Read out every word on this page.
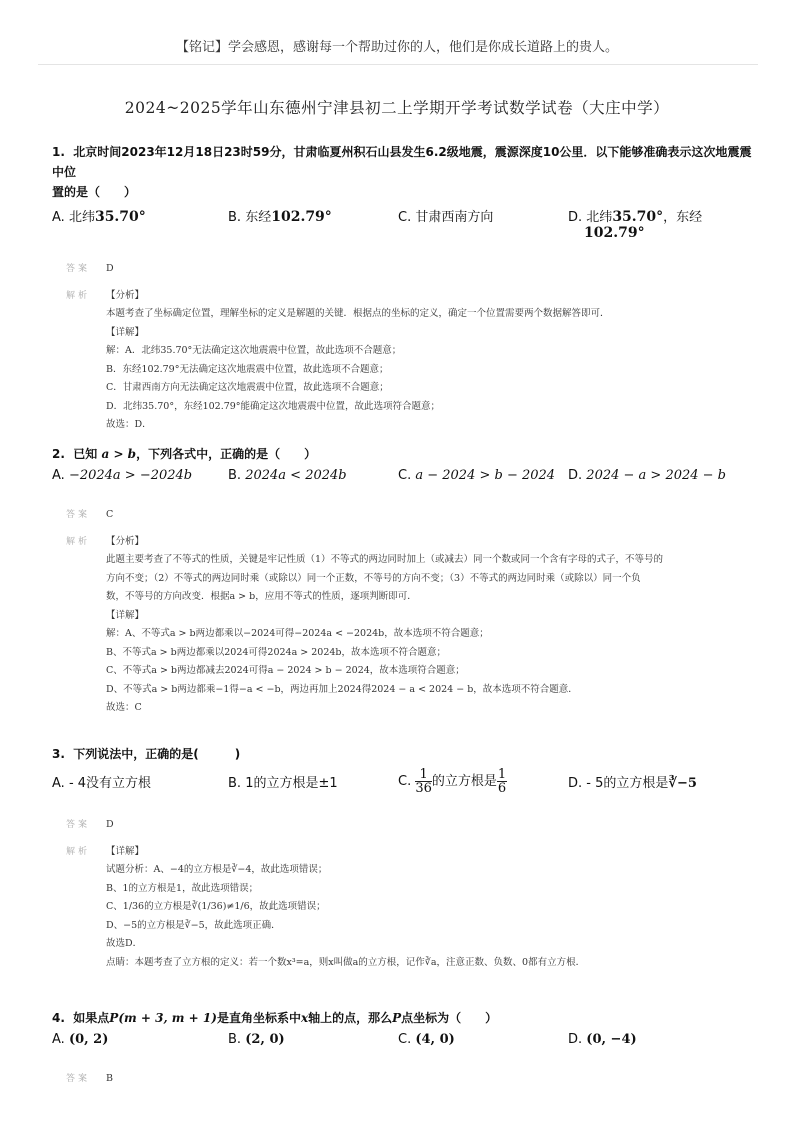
【铭记】学会感恩，感谢每一个帮助过你的人，他们是你成长道路上的贵人。
2024~2025学年山东德州宁津县初二上学期开学考试数学试卷（大庄中学）
1. 北京时间2023年12月18日23时59分，甘肃临夏州积石山县发生6.2级地震，震源深度10公里．以下能够准确表示这次地震震中位
置的是（　　）
A. 北纬35.70°	B. 东经102.79°	C. 甘肃西南方向	D. 北纬35.70°，东经
102.79°
答案 D
解析 【分析】

本题考查了坐标确定位置，理解坐标的定义是解题的关键．根据点的坐标的定义，确定一个位置需要两个数据解答即可．

【详解】

解：A．北纬35.70°无法确定这次地震震中位置，故此选项不合题意；

B．东经102.79°无法确定这次地震震中位置，故此选项不合题意；

C．甘肃西南方向无法确定这次地震震中位置，故此选项不合题意；

D．北纬35.70°，东经102.79°能确定这次地震震中位置，故此选项符合题意；

故选：D．

2. 已知 a > b，下列各式中，正确的是（　　）
A. −2024a > −2024b	B. 2024a < 2024b	C. a − 2024 > b − 2024 D. 2024 − a > 2024 − b
答案 C
解析 【分析】

此题主要考查了不等式的性质，关键是牢记性质（1）不等式的两边同时加上（或减去）同一个数或同一个含有字母的式子，不等号的

方向不变；（2）不等式的两边同时乘（或除以）同一个正数，不等号的方向不变；（3）不等式的两边同时乘（或除以）同一个负

数，不等号的方向改变．根据a > b，应用不等式的性质，逐项判断即可．

【详解】

解：A、不等式a > b两边都乘以−2024可得−2024a < −2024b，故本选项不符合题意；

B、不等式a > b两边都乘以2024可得2024a > 2024b，故本选项不符合题意；

C、不等式a > b两边都减去2024可得a − 2024 > b − 2024，故本选项符合题意；

D、不等式a > b两边都乘−1得−a < −b，两边再加上2024得2024 − a < 2024 − b，故本选项不符合题意．

故选：C

3. 下列说法中，正确的是(　　　)
A. - 4没有立方根	B. 1的立方根是±1	C. $\frac{1}{36}$ 的立方根是 $\frac{1}{6}$	D. - 5的立方根是∛−5
答案 D
解析 【详解】

试题分析：A、−4的立方根是∛−4，故此选项错误；

B、1的立方根是1，故此选项错误；

C、1/36的立方根是∛(1/36)≠1/6，故此选项错误；

D、−5的立方根是∛−5，故此选项正确．

故选D．

点睛：本题考查了立方根的定义：若一个数x³=a，则x叫做a的立方根，记作∛a，注意正数、负数、0都有立方根．

4. 如果点P(m + 3, m + 1)是直角坐标系中x轴上的点，那么P点坐标为（　　）
A. (0, 2)	B. (2, 0)	C. (4, 0)	D. (0, −4)
答案 B
